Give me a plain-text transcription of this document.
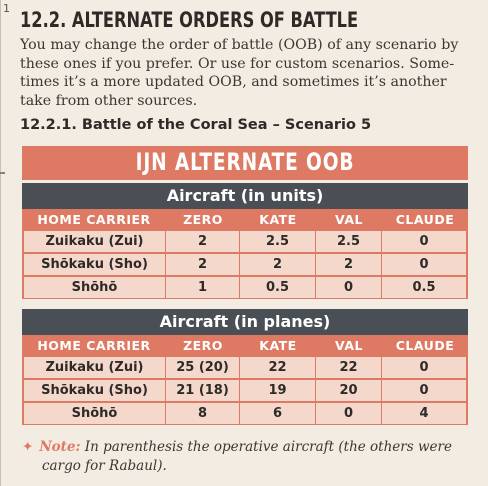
1 12.2. ALTERNATE ORDERS OF BATTLE
You may change the order of battle (OOB) of any scenario by these ones if you prefer. Or use for custom scenarios. Some-times it’s a more updated OOB, and sometimes it’s another take from other sources.
12.2.1. Battle of the Coral Sea – Scenario 5
IJN ALTERNATE OOB
Aircraft (in units)
HOME CARRIER	ZERO	KATE	VAL	CLAUDE
Zuikaku (Zui)	2	2.5	2.5	0
Shōkaku (Sho)	2	2	2	0
Shōhō	1	0.5	0	0.5
Aircraft (in planes)
HOME CARRIER	ZERO	KATE	VAL	CLAUDE
Zuikaku (Zui)	25 (20)	22	22	0
Shōkaku (Sho)	21 (18)	19	20	0
Shōhō	8	6	0	4
✦ Note: In parenthesis the operative aircraft (the others were
cargo for Rabaul).
